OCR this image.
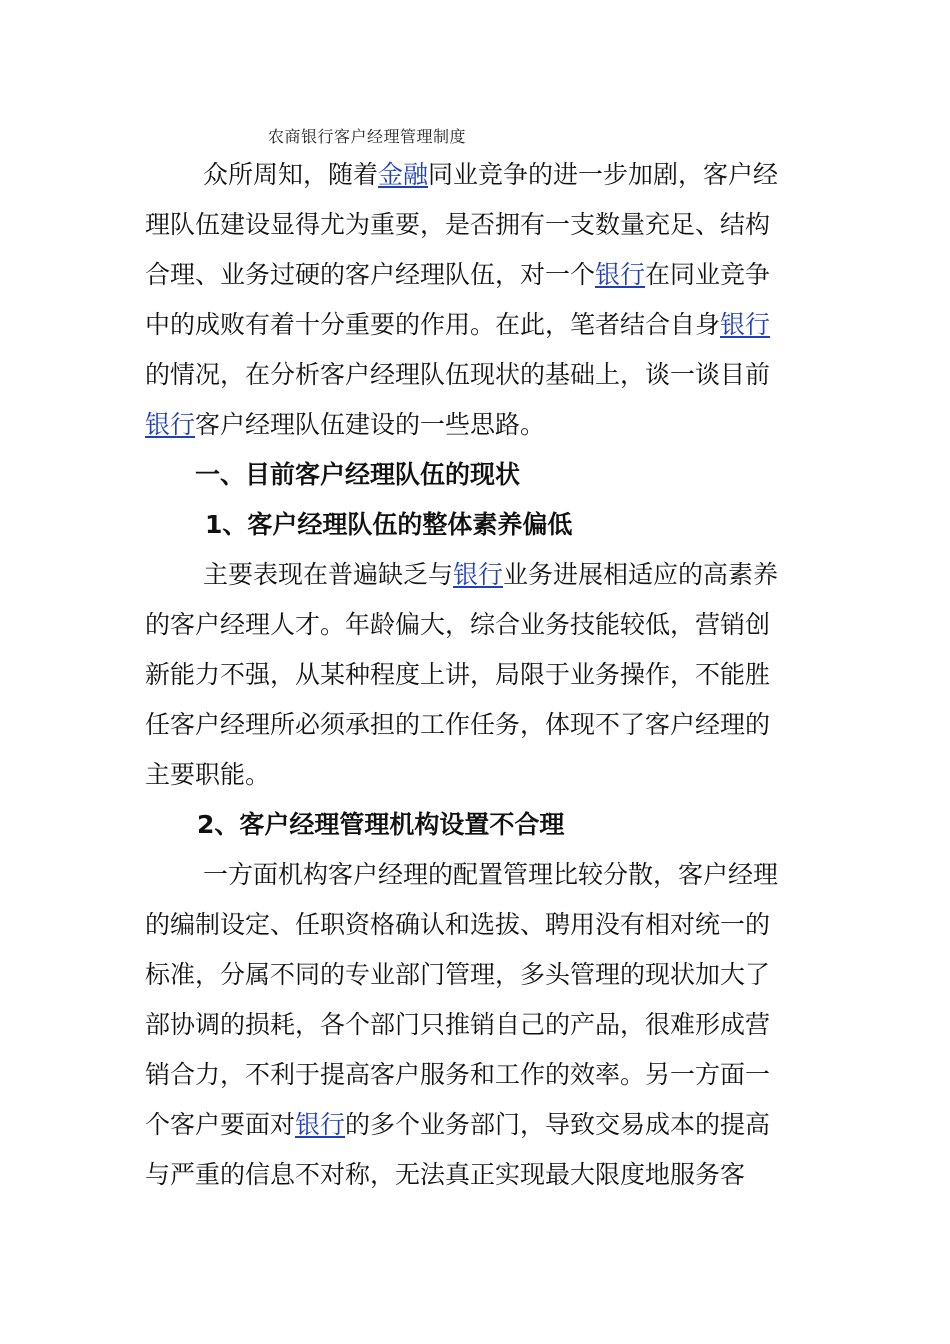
农商银行客户经理管理制度
众所周知，随着金融同业竞争的进一步加剧，客户经
理队伍建设显得尤为重要，是否拥有一支数量充足、结构
合理、业务过硬的客户经理队伍，对一个银行在同业竞争
中的成败有着十分重要的作用。在此，笔者结合自身银行
的情况，在分析客户经理队伍现状的基础上，谈一谈目前
银行客户经理队伍建设的一些思路。
一、目前客户经理队伍的现状
1、客户经理队伍的整体素养偏低
主要表现在普遍缺乏与银行业务进展相适应的高素养
的客户经理人才。年龄偏大，综合业务技能较低，营销创
新能力不强，从某种程度上讲，局限于业务操作，不能胜
任客户经理所必须承担的工作任务，体现不了客户经理的
主要职能。
2、客户经理管理机构设置不合理
一方面机构客户经理的配置管理比较分散，客户经理
的编制设定、任职资格确认和选拔、聘用没有相对统一的
标准，分属不同的专业部门管理，多头管理的现状加大了
部协调的损耗，各个部门只推销自己的产品，很难形成营
销合力，不利于提高客户服务和工作的效率。另一方面一
个客户要面对银行的多个业务部门，导致交易成本的提高
与严重的信息不对称，无法真正实现最大限度地服务客
